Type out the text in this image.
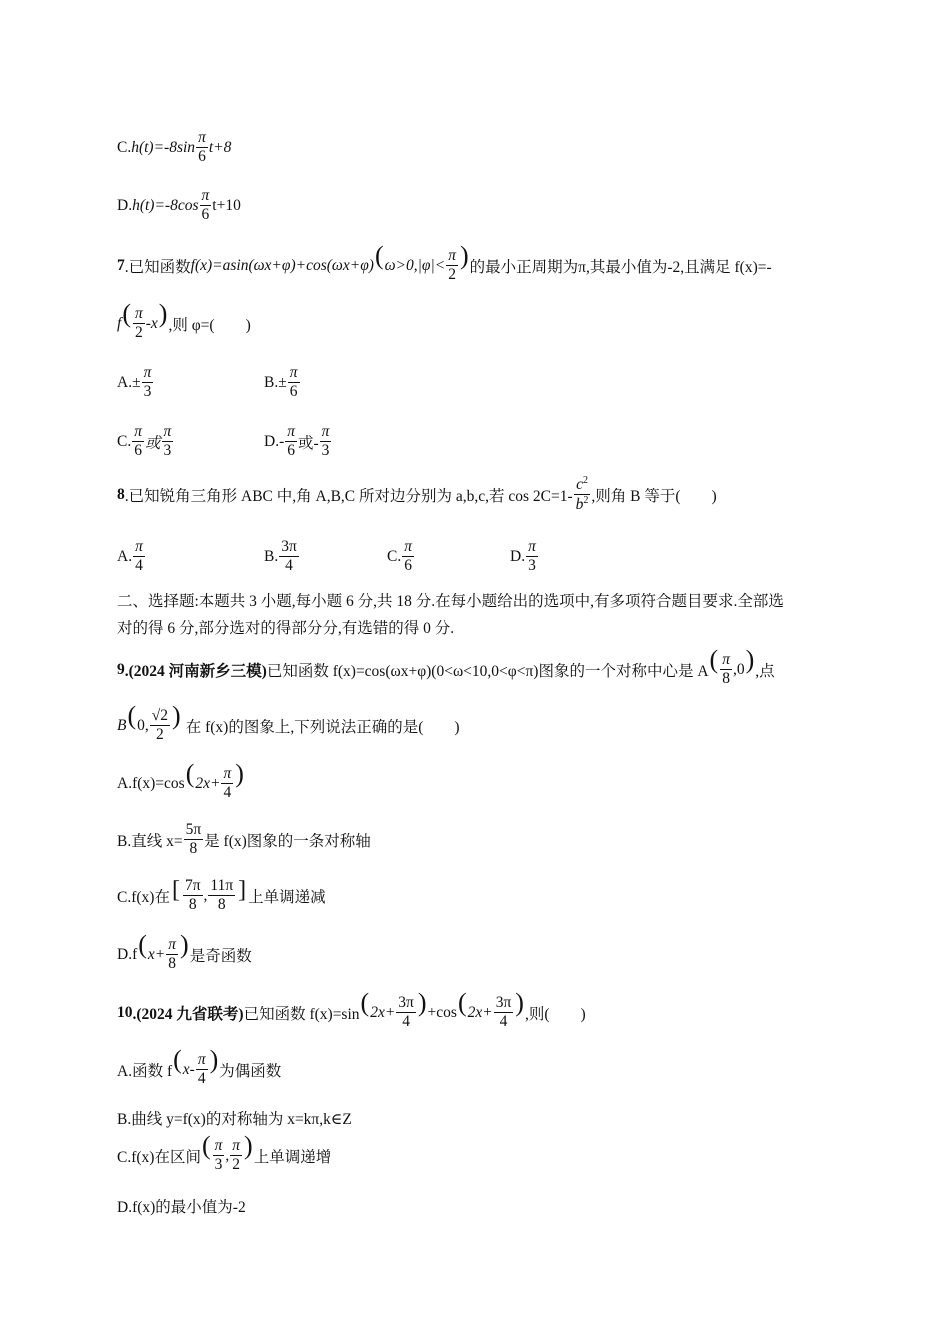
C. $h(t)=-8\sin \frac{\pi}{6} t+8$
D. $h(t)=-8\cos \frac{\pi}{6} t+10$
7 .已知函数 f(x)=asin(ωx+φ)+cos(ωx+φ) ( $\omega>0,|\varphi|< \frac{\pi}{2}$ ) 的最小正周期为π,其最小值为-2,且满足 f(x)=-
f ( $\frac{\pi}{2} -x$ ) ,则 φ=(　　)
$A.\pm \frac{\pi}{3}$	$B.\pm \frac{\pi}{6}$
C. $\frac{\pi}{6}$ 或 $\frac{\pi}{3}$	$D.- \frac{\pi}{6}$ 或- $\frac{\pi}{3}$
8 .已知锐角三角形 ABC 中,角 A,B,C 所对边分别为 a,b,c,若 $\cos 2C=1- \frac{c^2}{b^2}$ ,则角 B 等于(　　)
A. $\frac{\pi}{4}$	B. $\frac{3\pi}{4}$	C. $\frac{\pi}{6}$	D. $\frac{\pi}{3}$
二、选择题:本题共 3 小题,每小题 6 分,共 18 分.在每小题给出的选项中,有多项符合题目要求.全部选
对的得 6 分,部分选对的得部分分,有选错的得 0 分.
9 .(2024 河南新乡三模) 已知函数 f(x)=cos(ωx+φ)(0<ω<10,0<φ<π)图象的一个对称中心是 A ( $\frac{\pi}{8} ,0$ ) ,点
B ( 0, $\frac{√2}{2}$ ) 在 f(x)的图象上,下列说法正确的是(　　)
A.f(x)=cos ( $2x+ \frac{\pi}{4}$ )
B.直线 $x= \frac{5\pi}{8}$ 是 f(x)图象的一条对称轴
C.f(x)在 [ $\frac{7\pi}{8}$ , $\frac{11\pi}{8}$ ] 上单调递减
D.f ( $x+ \frac{\pi}{8}$ ) 是奇函数
10 .(2024 九省联考) 已知函数 f(x)=sin ( $2x+ \frac{3\pi}{4}$ ) +cos ( $2x+ \frac{3\pi}{4}$ ) ,则(　　)
A.函数 f ( $x- \frac{\pi}{4}$ ) 为偶函数
B.曲线 y=f(x)的对称轴为 x=kπ,k∈Z
C.f(x)在区间 ( $\frac{\pi}{3}$ , $\frac{\pi}{2}$ ) 上单调递增
D.f(x)的最小值为-2
